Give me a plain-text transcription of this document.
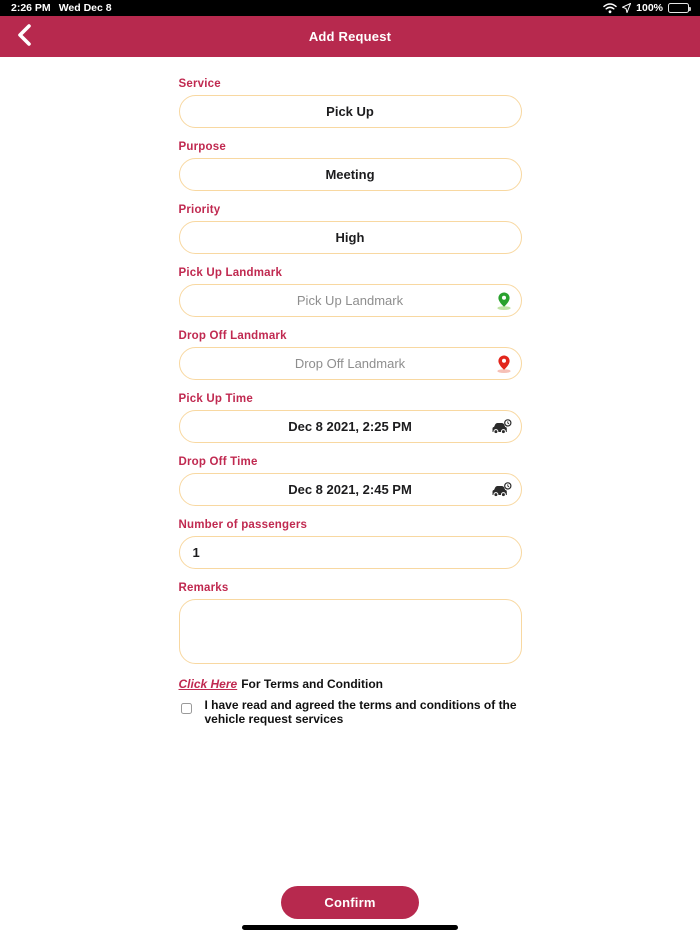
2:26 PM Wed Dec 8	100%
Add Request
Service
Pick Up
Purpose
Meeting
Priority
High
Pick Up Landmark
Pick Up Landmark
Drop Off Landmark
Drop Off Landmark
Pick Up Time
Dec 8 2021, 2:25 PM
Drop Off Time
Dec 8 2021, 2:45 PM
Number of passengers
1
Remarks
Click Here For Terms and Condition
I have read and agreed the terms and conditions of the vehicle request services
Confirm
